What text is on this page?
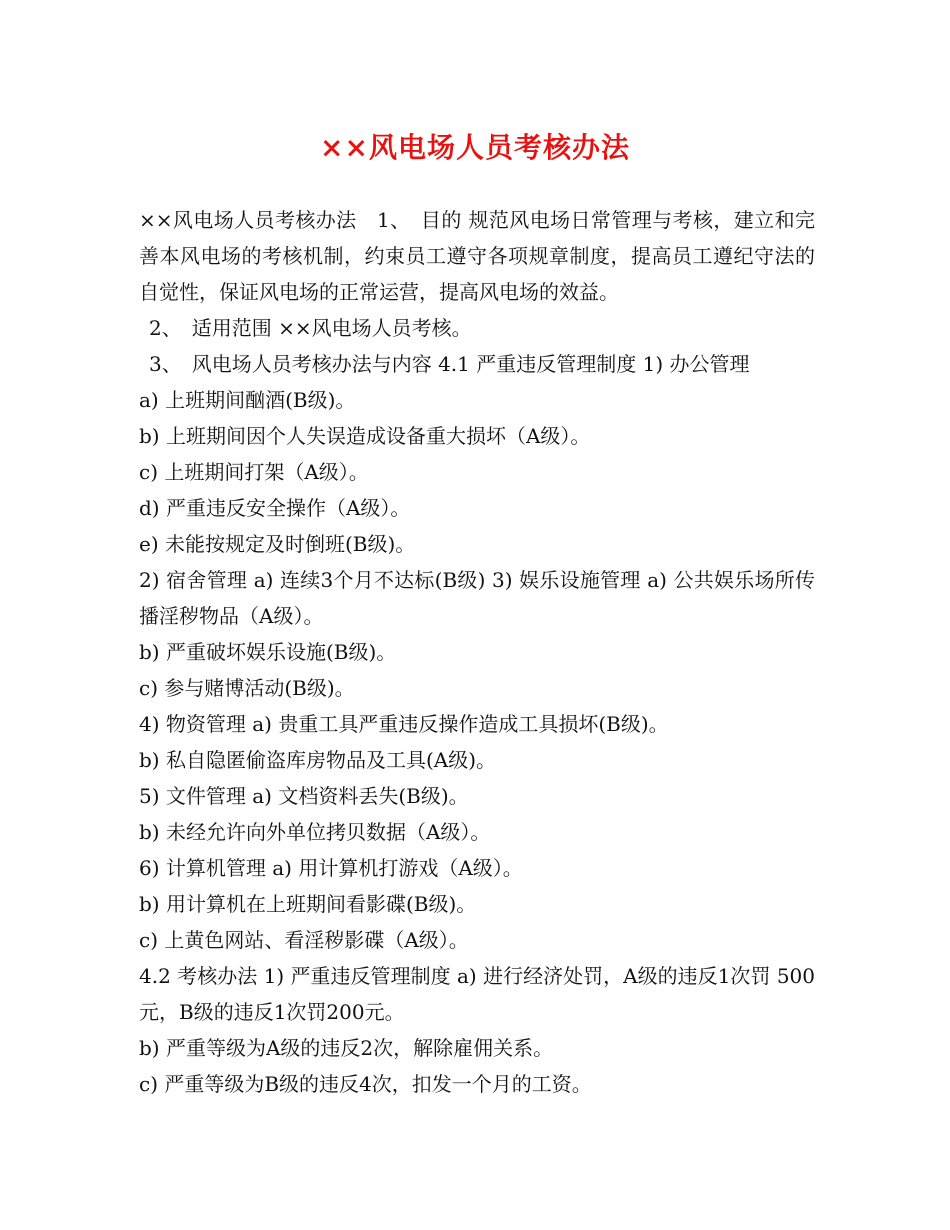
××风电场人员考核办法

××风电场人员考核办法　1、　目的 规范风电场日常管理与考核，建立和完善本风电场的考核机制，约束员工遵守各项规章制度，提高员工遵纪守法的自觉性，保证风电场的正常运营，提高风电场的效益。

2、　适用范围 ××风电场人员考核。

3、　风电场人员考核办法与内容 4.1 严重违反管理制度 1) 办公管理

a) 上班期间酗酒(B级)。

b) 上班期间因个人失误造成设备重大损坏（A级）。

c) 上班期间打架（A级）。

d) 严重违反安全操作（A级）。

e) 未能按规定及时倒班(B级)。

2) 宿舍管理 a) 连续3个月不达标(B级) 3) 娱乐设施管理 a) 公共娱乐场所传播淫秽物品（A级）。

b) 严重破坏娱乐设施(B级)。

c) 参与赌博活动(B级)。

4) 物资管理 a) 贵重工具严重违反操作造成工具损坏(B级)。

b) 私自隐匿偷盗库房物品及工具(A级)。

5) 文件管理 a) 文档资料丢失(B级)。

b) 未经允许向外单位拷贝数据（A级）。

6) 计算机管理 a) 用计算机打游戏（A级）。

b) 用计算机在上班期间看影碟(B级)。

c) 上黄色网站、看淫秽影碟（A级）。

4.2 考核办法 1) 严重违反管理制度 a) 进行经济处罚，A级的违反1次罚 500元，B级的违反1次罚200元。

b) 严重等级为A级的违反2次，解除雇佣关系。

c) 严重等级为B级的违反4次，扣发一个月的工资。
